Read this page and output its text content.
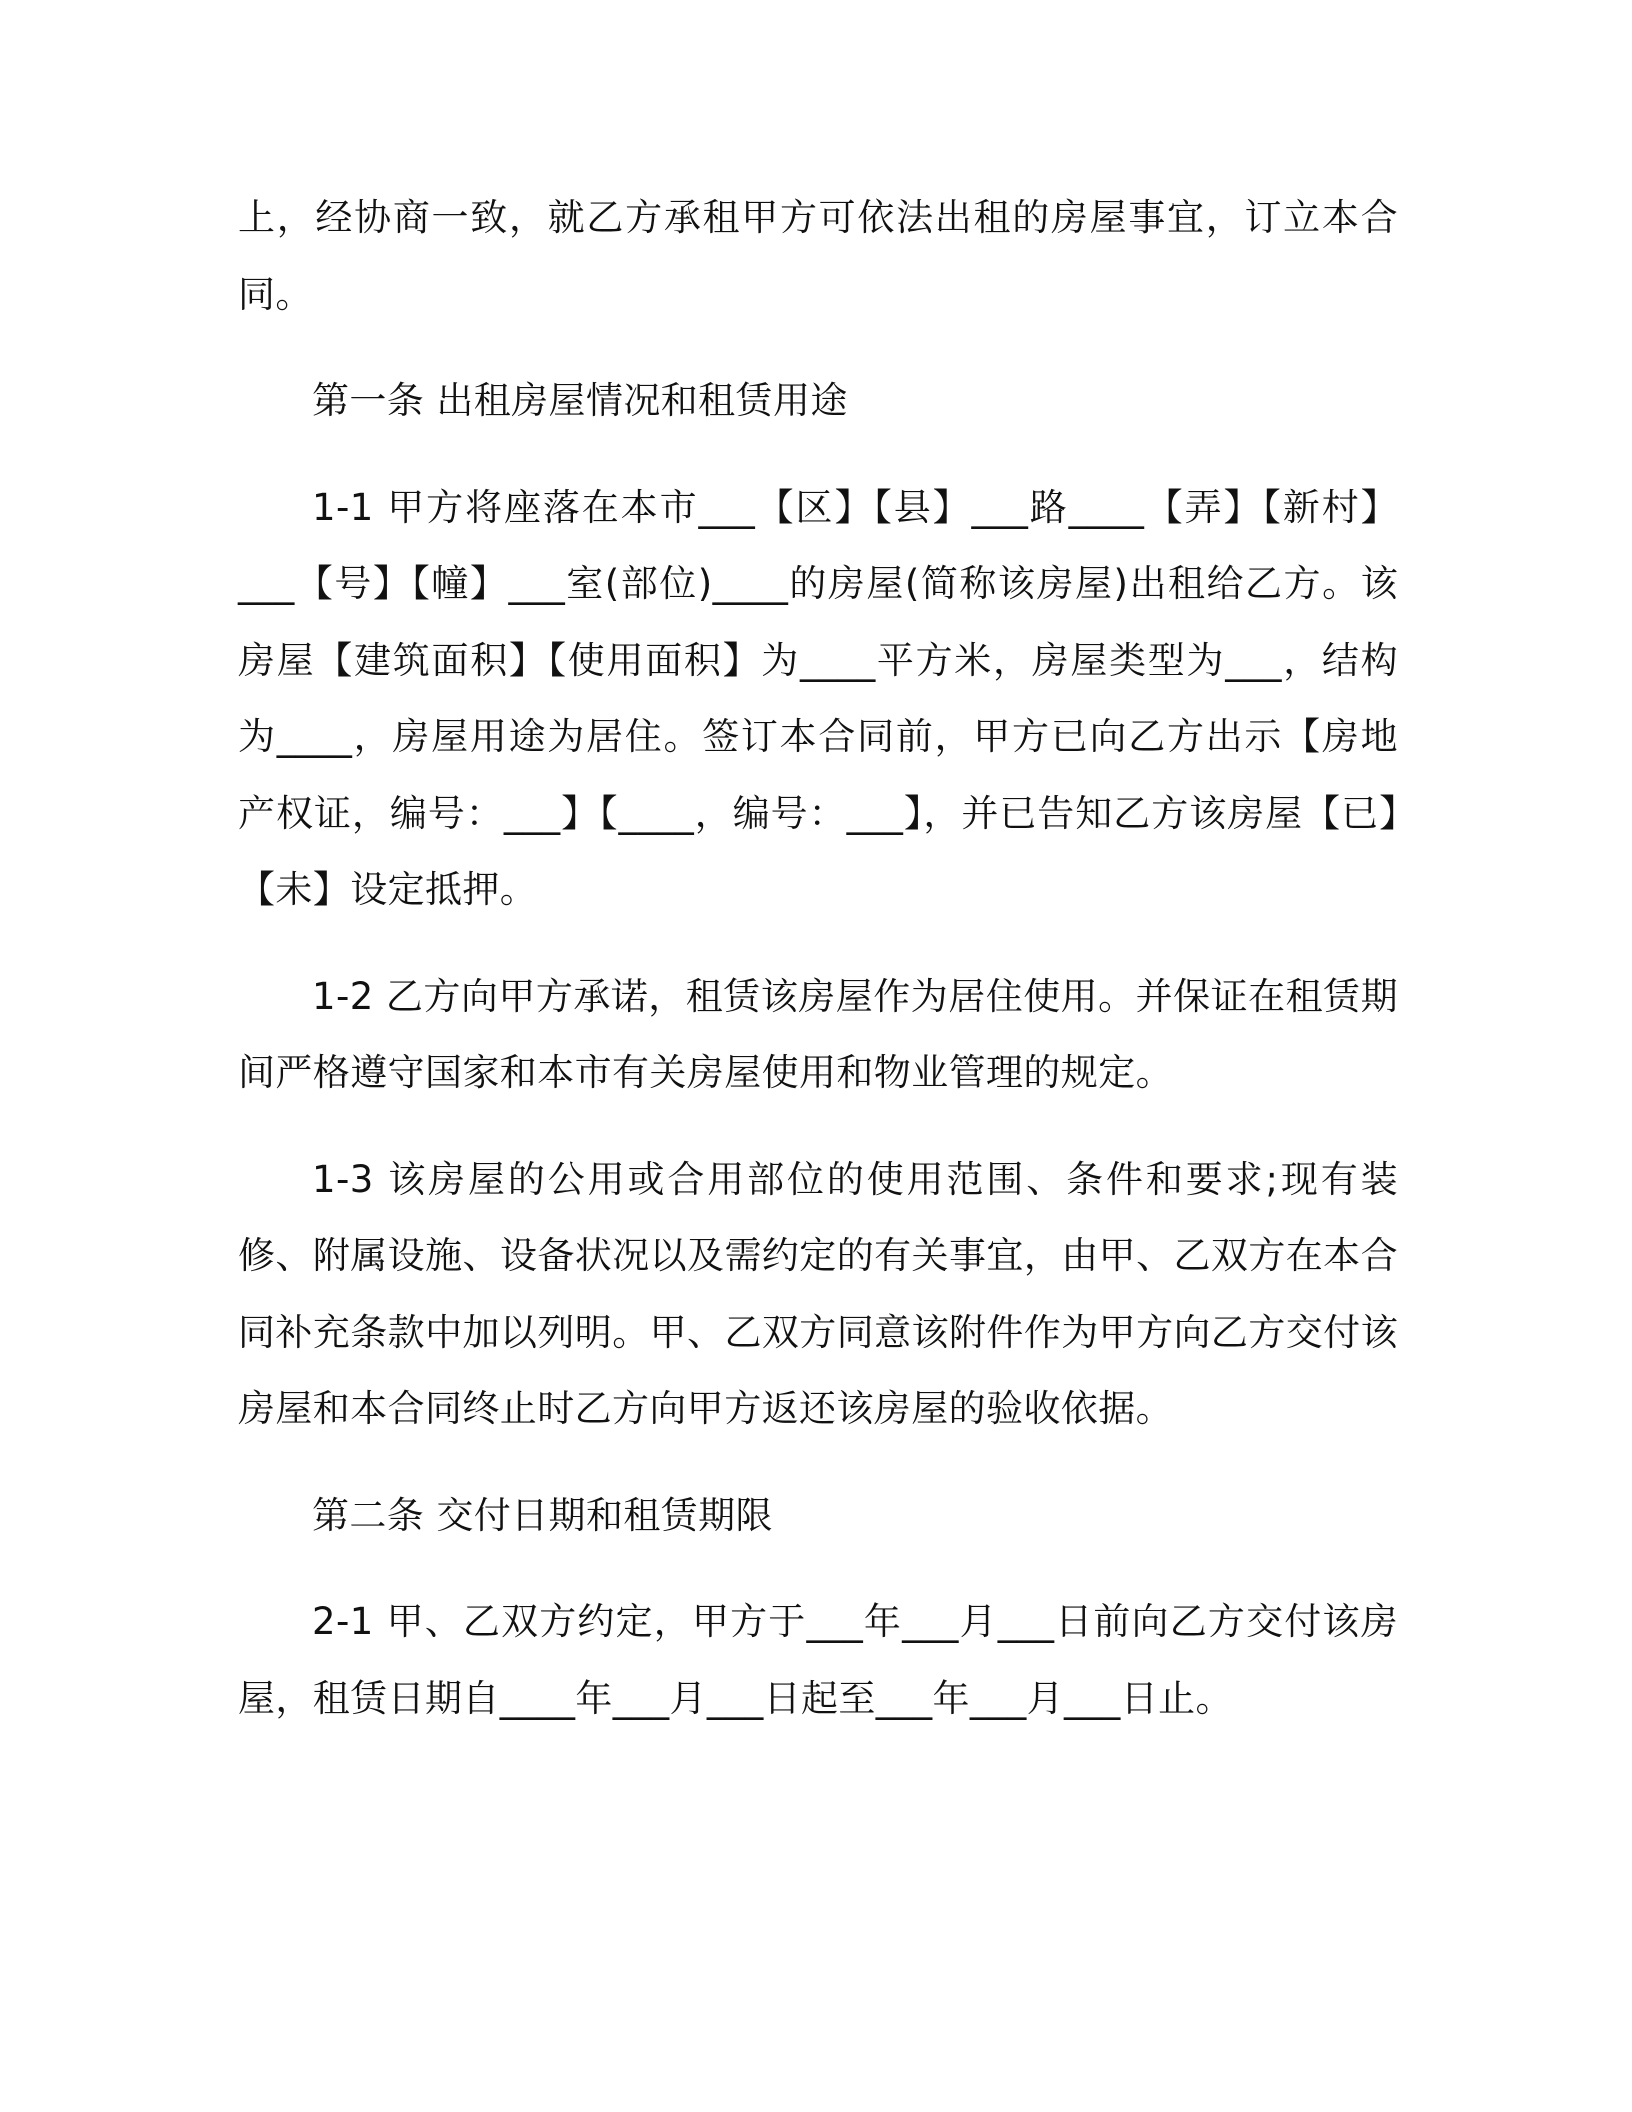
上，经协商一致，就乙方承租甲方可依法出租的房屋事宜，订立本合同。

第一条 出租房屋情况和租赁用途

1-1 甲方将座落在本市___【区】【县】___路____【弄】【新村】___【号】【幢】___室(部位)____的房屋(简称该房屋)出租给乙方。该房屋【建筑面积】【使用面积】为____平方米，房屋类型为___，结构为____，房屋用途为居住。签订本合同前，甲方已向乙方出示【房地产权证，编号：___】【____，编号：___】，并已告知乙方该房屋【已】【未】设定抵押。

1-2 乙方向甲方承诺，租赁该房屋作为居住使用。并保证在租赁期间严格遵守国家和本市有关房屋使用和物业管理的规定。

1-3 该房屋的公用或合用部位的使用范围、条件和要求;现有装修、附属设施、设备状况以及需约定的有关事宜，由甲、乙双方在本合同补充条款中加以列明。甲、乙双方同意该附件作为甲方向乙方交付该房屋和本合同终止时乙方向甲方返还该房屋的验收依据。

第二条 交付日期和租赁期限

2-1 甲、乙双方约定，甲方于___年___月___日前向乙方交付该房屋，租赁日期自____年___月___日起至___年___月___日止。
